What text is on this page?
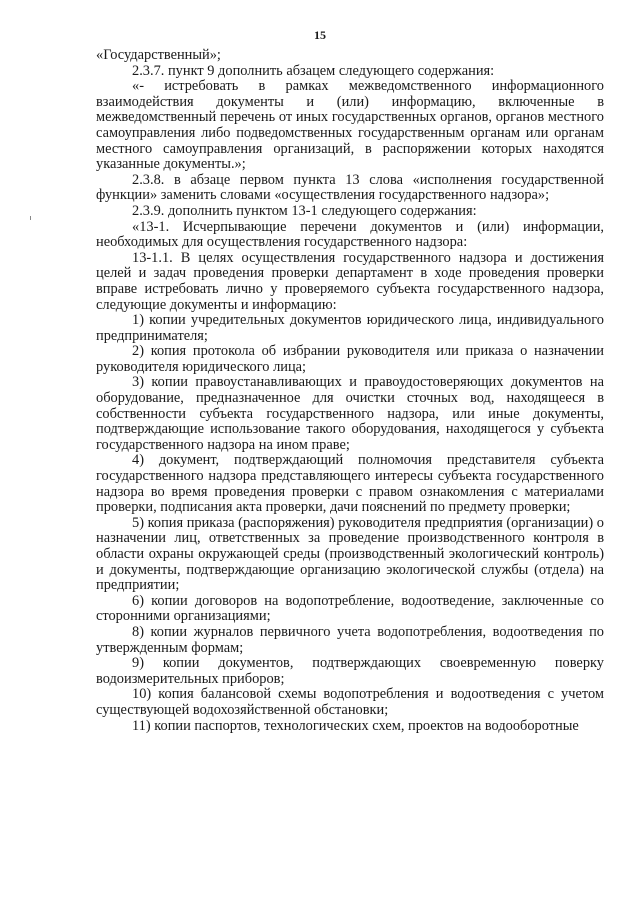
15

«Государственный»;

2.3.7. пункт 9 дополнить абзацем следующего содержания:

«- истребовать в рамках межведомственного информационного взаимодействия документы и (или) информацию, включенные в межведомственный перечень от иных государственных органов, органов местного самоуправления либо подведомственных государственным органам или органам местного самоуправления организаций, в распоряжении которых находятся указанные документы.»;

2.3.8. в абзаце первом пункта 13 слова «исполнения государственной функции» заменить словами «осуществления государственного надзора»;

2.3.9. дополнить пунктом 13-1 следующего содержания:

«13-1. Исчерпывающие перечени документов и (или) информации, необходимых для осуществления государственного надзора:

13-1.1. В целях осуществления государственного надзора и достижения целей и задач проведения проверки департамент в ходе проведения проверки вправе истребовать лично у проверяемого субъекта государственного надзора, следующие документы и информацию:

1) копии учредительных документов юридического лица, индивидуального предпринимателя;

2) копия протокола об избрании руководителя или приказа о назначении руководителя юридического лица;

3) копии правоустанавливающих и правоудостоверяющих документов на оборудование, предназначенное для очистки сточных вод, находящееся в собственности субъекта государственного надзора, или иные документы, подтверждающие использование такого оборудования, находящегося у субъекта государственного надзора на ином праве;

4) документ, подтверждающий полномочия представителя субъекта государственного надзора представляющего интересы субъекта государственного надзора во время проведения проверки с правом ознакомления с материалами проверки, подписания акта проверки, дачи пояснений по предмету проверки;

5) копия приказа (распоряжения) руководителя предприятия (организации) о назначении лиц, ответственных за проведение производственного контроля в области охраны окружающей среды (производственный экологический контроль) и документы, подтверждающие организацию экологической службы (отдела) на предприятии;

6) копии договоров на водопотребление, водоотведение, заключенные со сторонними организациями;

8) копии журналов первичного учета водопотребления, водоотведения по утвержденным формам;

9) копии документов, подтверждающих своевременную поверку водоизмерительных приборов;

10) копия балансовой схемы водопотребления и водоотведения с учетом существующей водохозяйственной обстановки;

11) копии паспортов, технологических схем, проектов на водооборотные
